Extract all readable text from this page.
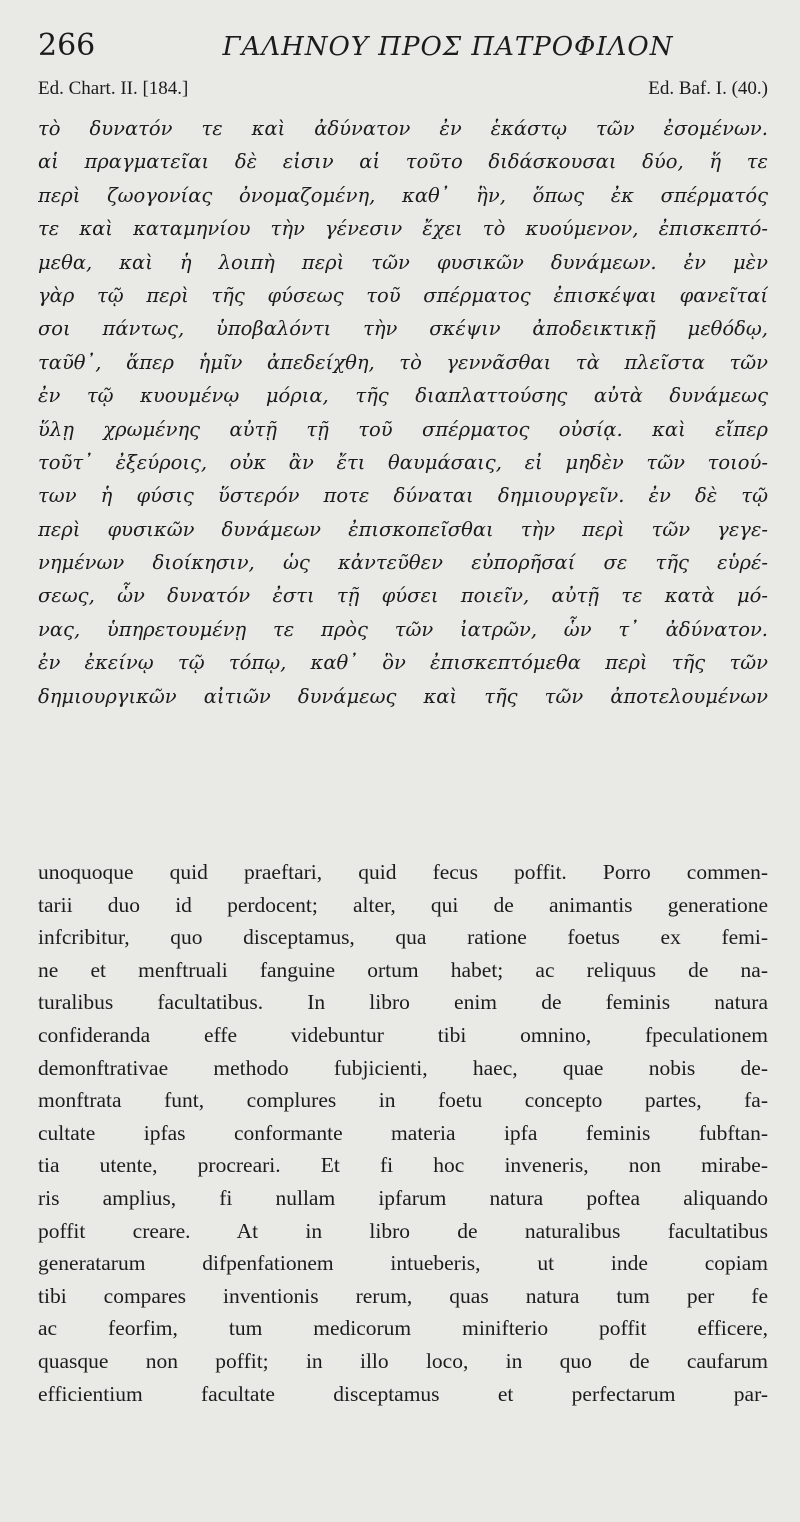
266	ΓΑΛΗΝΟΥ ΠΡΟΣ ΠΑΤΡΟΦΙΛΟΝ
Ed. Chart. II. [184.]	Ed. Baf. I. (40.)
τὸ δυνατόν τε καὶ ἀδύνατον ἐν ἑκάστῳ τῶν ἐσομένων.
αἱ πραγματεῖαι δὲ εἰσιν αἱ τοῦτο διδάσκουσαι δύο, ἥ τε
περὶ ζωογονίας ὀνομαζομένη, καθ᾽ ἣν, ὅπως ἐκ σπέρματός
τε καὶ καταμηνίου τὴν γένεσιν ἔχει τὸ κυούμενον, ἐπισκεπτό-
μεθα, καὶ ἡ λοιπὴ περὶ τῶν φυσικῶν δυνάμεων. ἐν μὲν
γὰρ τῷ περὶ τῆς φύσεως τοῦ σπέρματος ἐπισκέψαι φανεῖταί
σοι πάντως, ὑποβαλόντι τὴν σκέψιν ἀποδεικτικῇ μεθόδῳ,
ταῦθ᾽, ἅπερ ἡμῖν ἀπεδείχθη, τὸ γεννᾶσθαι τὰ πλεῖστα τῶν
ἐν τῷ κυουμένῳ μόρια, τῆς διαπλαττούσης αὐτὰ δυνάμεως
ὕλῃ χρωμένης αὐτῇ τῇ τοῦ σπέρματος οὐσίᾳ. καὶ εἴπερ
τοῦτ᾽ ἐξεύροις, οὐκ ἂν ἔτι θαυμάσαις, εἰ μηδὲν τῶν τοιού-
των ἡ φύσις ὕστερόν ποτε δύναται δημιουργεῖν. ἐν δὲ τῷ
περὶ φυσικῶν δυνάμεων ἐπισκοπεῖσθαι τὴν περὶ τῶν γεγε-
νημένων διοίκησιν, ὡς κἀντεῦθεν εὐπορῆσαί σε τῆς εὑρέ-
σεως, ὧν δυνατόν ἐστι τῇ φύσει ποιεῖν, αὐτῇ τε κατὰ μό-
νας, ὑπηρετουμένῃ τε πρὸς τῶν ἰατρῶν, ὧν τ᾽ ἀδύνατον.
ἐν ἐκείνῳ τῷ τόπῳ, καθ᾽ ὃν ἐπισκεπτόμεθα περὶ τῆς τῶν
δημιουργικῶν αἰτιῶν δυνάμεως καὶ τῆς τῶν ἀποτελουμένων
unoquoque quid praeftari, quid fecus poffit. Porro commen-
tarii duo id perdocent; alter, qui de animantis generatione
infcribitur, quo disceptamus, qua ratione foetus ex femi-
ne et menftruali fanguine ortum habet; ac reliquus de na-
turalibus facultatibus. In libro enim de feminis natura
confideranda effe videbuntur tibi omnino, fpeculationem
demonftrativae methodo fubjicienti, haec, quae nobis de-
monftrata funt, complures in foetu concepto partes, fa-
cultate ipfas conformante materia ipfa feminis fubftan-
tia utente, procreari. Et fi hoc inveneris, non mirabe-
ris amplius, fi nullam ipfarum natura poftea aliquando
poffit creare. At in libro de naturalibus facultatibus
generatarum difpenfationem intueberis, ut inde copiam
tibi compares inventionis rerum, quas natura tum per fe
ac feorfim, tum medicorum minifterio poffit efficere,
quasque non poffit; in illo loco, in quo de caufarum
efficientium facultate disceptamus et perfectarum par-
